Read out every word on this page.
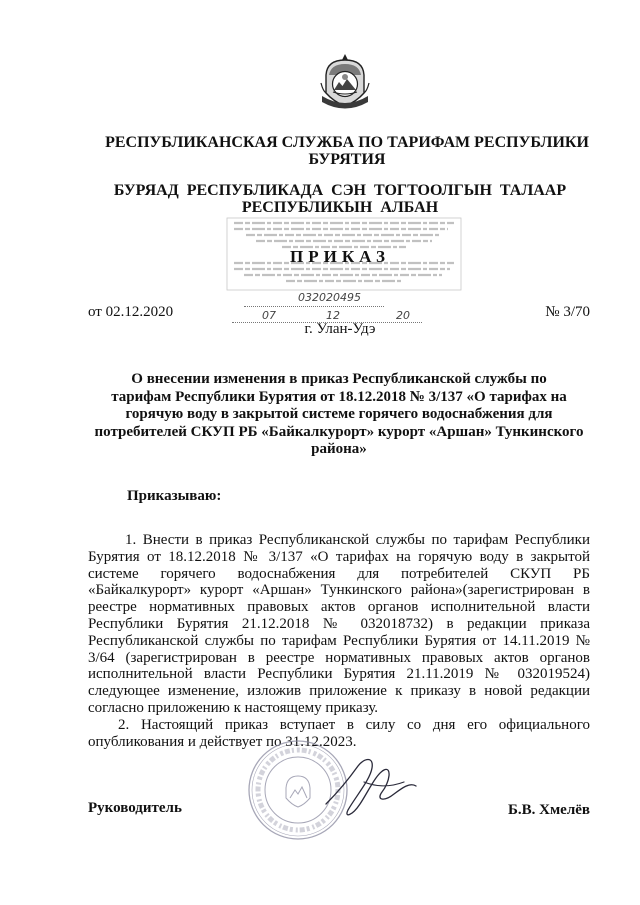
РЕСПУБЛИКАНСКАЯ СЛУЖБА ПО ТАРИФАМ РЕСПУБЛИКИ
БУРЯТИЯ
БУРЯАД РЕСПУБЛИКАДА СЭН ТОГТООЛГЫН ТАЛААР
РЕСПУБЛИКЫН АЛБАН
ПРИКАЗ
032020495
07	12	20
от 02.12.2020	№ 3/70
г. Улан-Удэ
О внесении изменения в приказ Республиканской службы по
тарифам Республики Бурятия от 18.12.2018 № 3/137 «О тарифах на
горячую воду в закрытой системе горячего водоснабжения для
потребителей СКУП РБ «Байкалкурорт» курорт «Аршан» Тункинского
района»
Приказываю:
1. Внести в приказ Республиканской службы по тарифам Республики
Бурятия от 18.12.2018 № 3/137 «О тарифах на горячую воду в закрытой
системе горячего водоснабжения для потребителей СКУП РБ
«Байкалкурорт» курорт «Аршан» Тункинского района»(зарегистрирован в
реестре нормативных правовых актов органов исполнительной власти
Республики Бурятия 21.12.2018 № 032018732) в редакции приказа
Республиканской службы по тарифам Республики Бурятия от 14.11.2019 №
3/64 (зарегистрирован в реестре нормативных правовых актов органов
исполнительной власти Республики Бурятия 21.11.2019 № 032019524)
следующее изменение, изложив приложение к приказу в новой редакции
согласно приложению к настоящему приказу.
2. Настоящий приказ вступает в силу со дня его официального
опубликования и действует по 31.12.2023.
Руководитель	Б.В. Хмелёв
